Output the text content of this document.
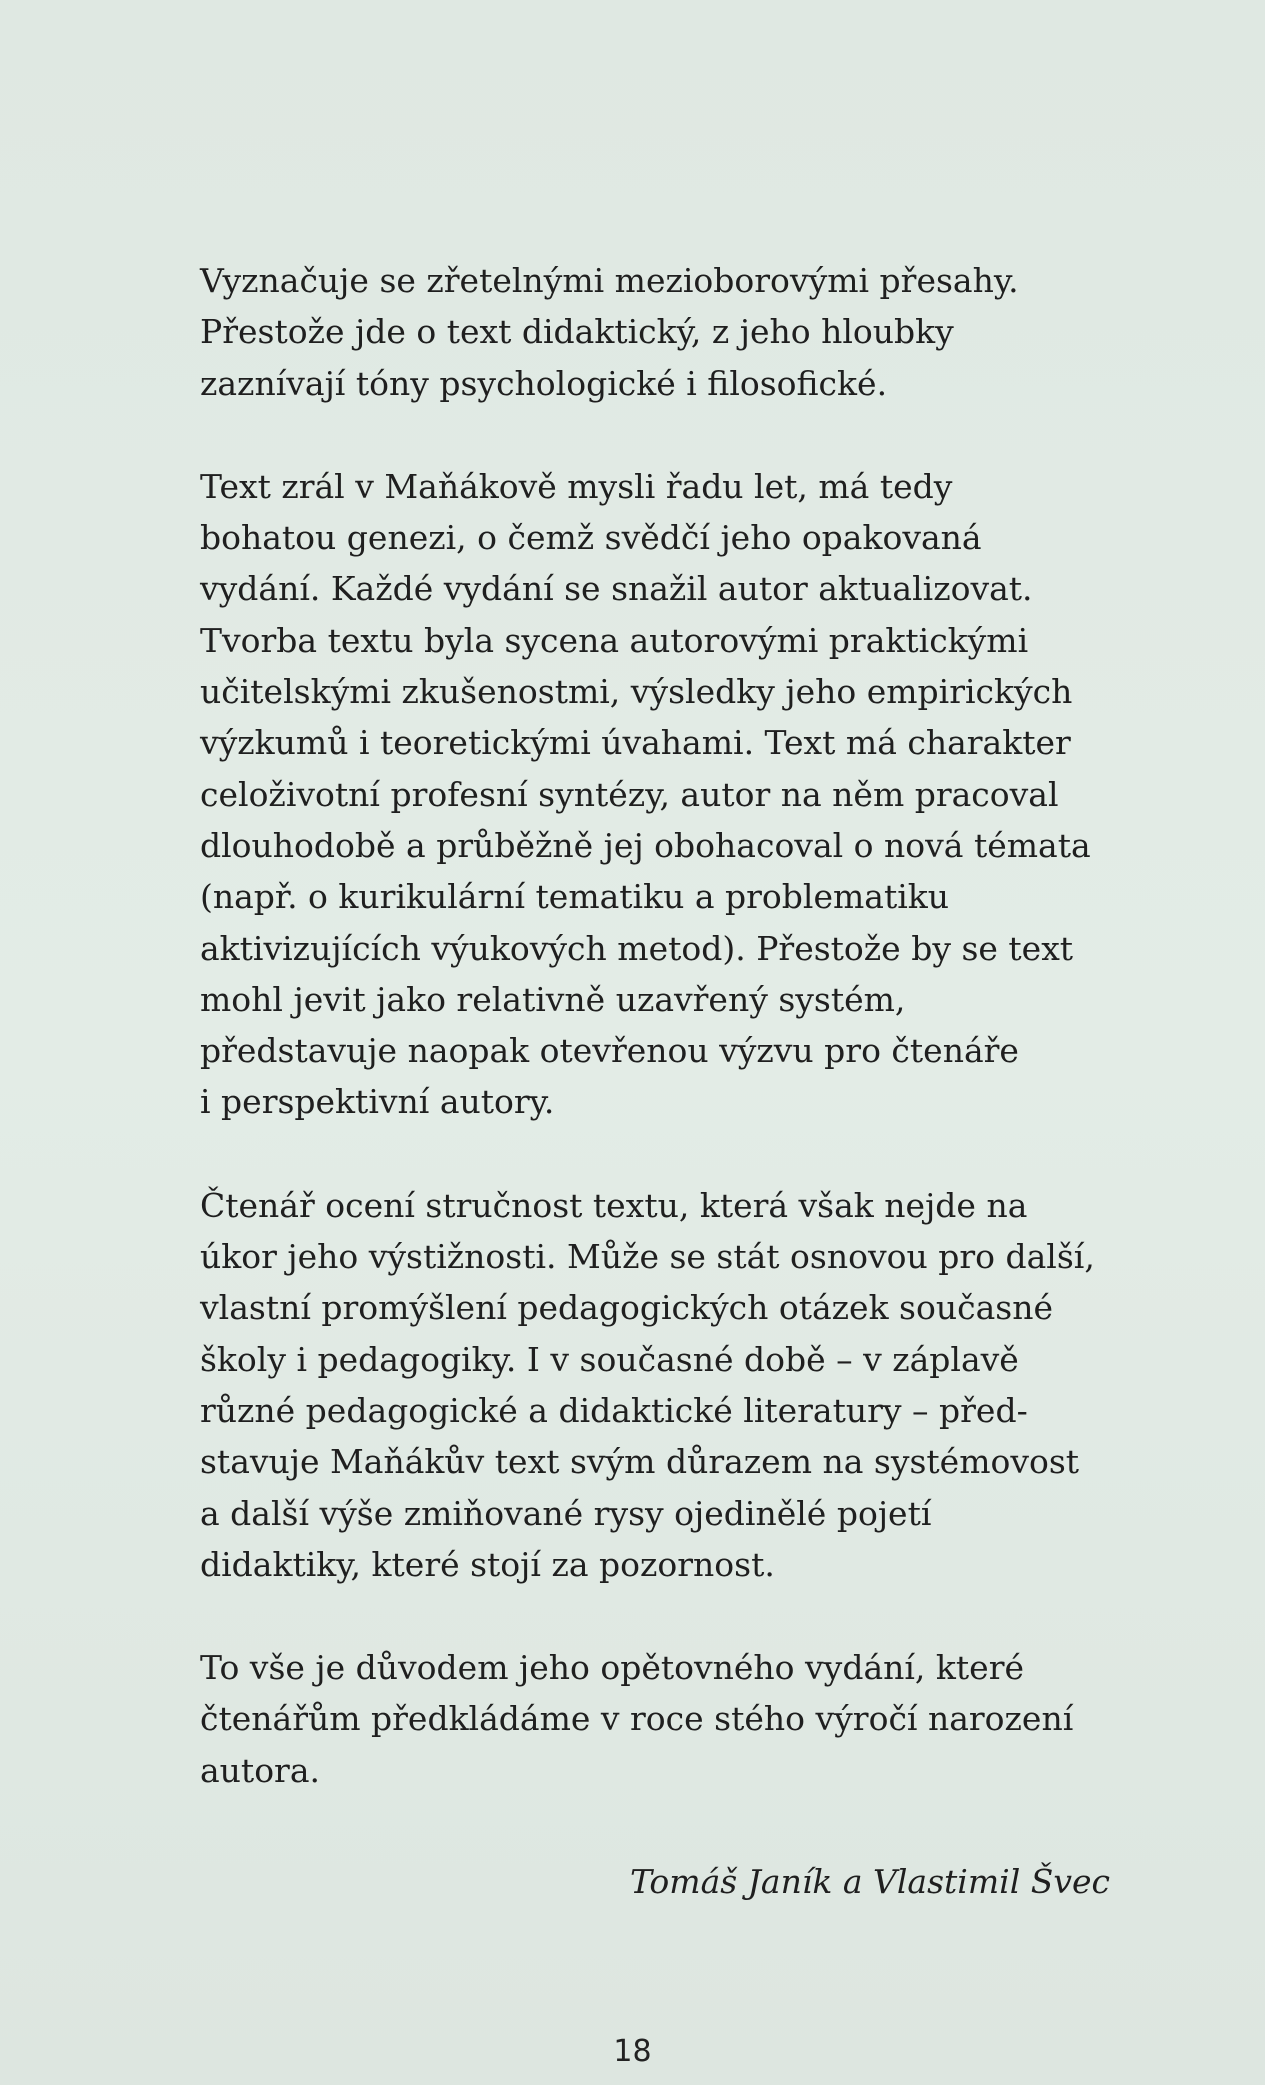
Vyznačuje se zřetelnými mezioborovými přesahy.
Přestože jde o text didaktický, z jeho hloubky
zaznívají tóny psychologické i filosofické.
Text zrál v Maňákově mysli řadu let, má tedy
bohatou genezi, o čemž svědčí jeho opakovaná
vydání. Každé vydání se snažil autor aktualizovat.
Tvorba textu byla sycena autorovými praktickými
učitelskými zkušenostmi, výsledky jeho empirických
výzkumů i teoretickými úvahami. Text má charakter
celoživotní profesní syntézy, autor na něm pracoval
dlouhodobě a průběžně jej obohacoval o nová témata
(např. o kurikulární tematiku a problematiku
aktivizujících výukových metod). Přestože by se text
mohl jevit jako relativně uzavřený systém,
představuje naopak otevřenou výzvu pro čtenáře
i perspektivní autory.
Čtenář ocení stručnost textu, která však nejde na
úkor jeho výstižnosti. Může se stát osnovou pro další,
vlastní promýšlení pedagogických otázek současné
školy i pedagogiky. I v současné době – v záplavě
různé pedagogické a didaktické literatury – před-
stavuje Maňákův text svým důrazem na systémovost
a další výše zmiňované rysy ojedinělé pojetí
didaktiky, které stojí za pozornost.
To vše je důvodem jeho opětovného vydání, které
čtenářům předkládáme v roce stého výročí narození
autora.
Tomáš Janík a Vlastimil Švec
18
